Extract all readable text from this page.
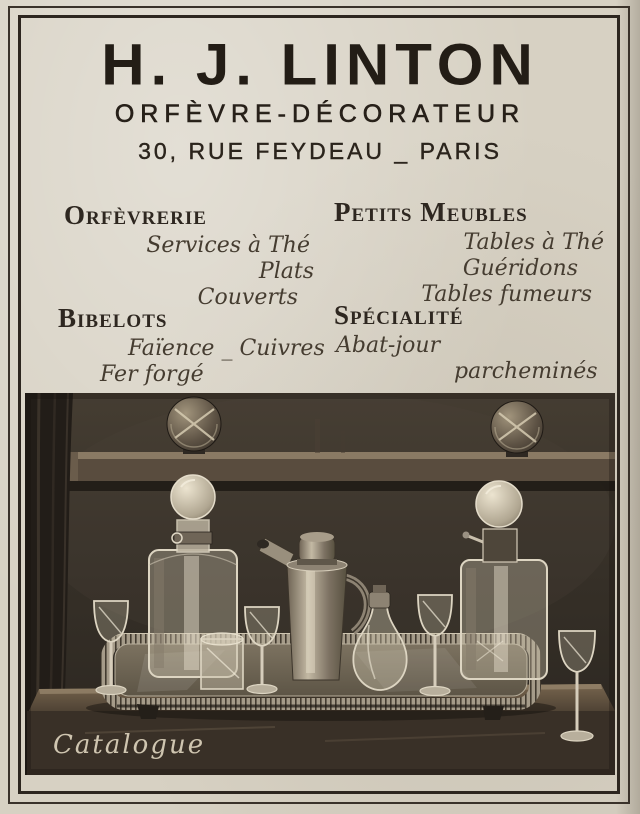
H. J. LINTON
ORFÈVRE-DÉCORATEUR
30, RUE FEYDEAU _ PARIS
Orfèvrerie
Services à Thé
Plats
Couverts
Petits Meubles
Tables à Thé
Guéridons
Tables fumeurs
Bibelots
Faïence _ Cuivres
Fer forgé
Spécialité
Abat-jour
parcheminés
Catalogue
